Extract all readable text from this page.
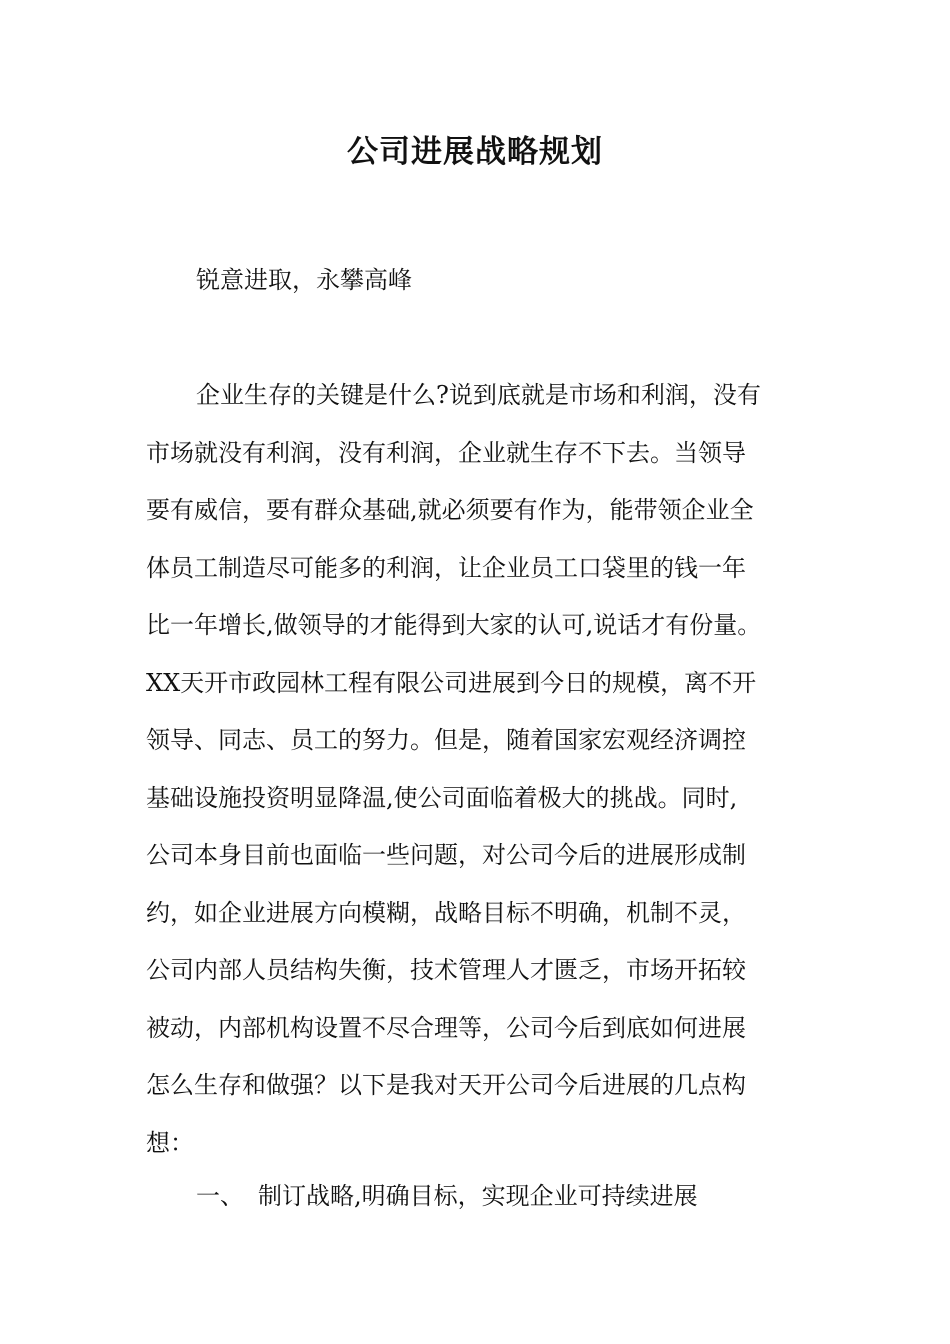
公司进展战略规划

锐意进取，永攀高峰

企业生存的关键是什么?说到底就是市场和利润，没有
市场就没有利润，没有利润，企业就生存不下去。当领导
要有威信，要有群众基础,就必须要有作为，能带领企业全
体员工制造尽可能多的利润，让企业员工口袋里的钱一年
比一年增长,做领导的才能得到大家的认可,说话才有份量。
XX天开市政园林工程有限公司进展到今日的规模，离不开
领导、同志、员工的努力。但是，随着国家宏观经济调控
基础设施投资明显降温,使公司面临着极大的挑战。同时,
公司本身目前也面临一些问题，对公司今后的进展形成制
约，如企业进展方向模糊，战略目标不明确，机制不灵，
公司内部人员结构失衡，技术管理人才匮乏，市场开拓较
被动，内部机构设置不尽合理等，公司今后到底如何进展
怎么生存和做强？以下是我对天开公司今后进展的几点构
想：

一、 制订战略,明确目标，实现企业可持续进展
